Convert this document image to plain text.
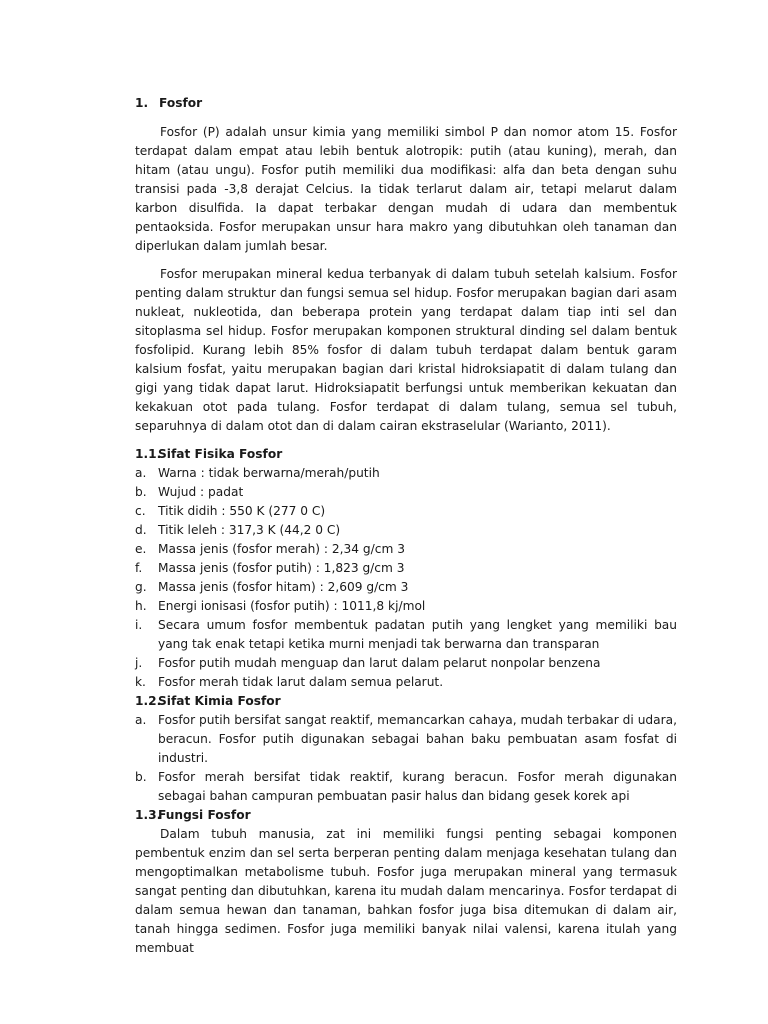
1. Fosfor

Fosfor (P) adalah unsur kimia yang memiliki simbol P dan nomor atom 15. Fosfor terdapat dalam empat atau lebih bentuk alotropik: putih (atau kuning), merah, dan hitam (atau ungu). Fosfor putih memiliki dua modifikasi: alfa dan beta dengan suhu transisi pada -3,8 derajat Celcius. Ia tidak terlarut dalam air, tetapi melarut dalam karbon disulfida. Ia dapat terbakar dengan mudah di udara dan membentuk pentaoksida. Fosfor merupakan unsur hara makro yang dibutuhkan oleh tanaman dan diperlukan dalam jumlah besar.

Fosfor merupakan mineral kedua terbanyak di dalam tubuh setelah kalsium. Fosfor penting dalam struktur dan fungsi semua sel hidup. Fosfor merupakan bagian dari asam nukleat, nukleotida, dan beberapa protein yang terdapat dalam tiap inti sel dan sitoplasma sel hidup. Fosfor merupakan komponen struktural dinding sel dalam bentuk fosfolipid. Kurang lebih 85% fosfor di dalam tubuh terdapat dalam bentuk garam kalsium fosfat, yaitu merupakan bagian dari kristal hidroksiapatit di dalam tulang dan gigi yang tidak dapat larut. Hidroksiapatit berfungsi untuk memberikan kekuatan dan kekakuan otot pada tulang. Fosfor terdapat di dalam tulang, semua sel tubuh, separuhnya di dalam otot dan di dalam cairan ekstraselular (Warianto, 2011).

1.1.
Sifat Fisika Fosfor
a. Warna : tidak berwarna/merah/putih
b. Wujud : padat
c.	Titik didih : 550 K (277 0 C)
d. Titik leleh : 317,3 K (44,2 0 C)
e. Massa jenis (fosfor merah) : 2,34 g/cm 3
f.	Massa jenis (fosfor putih) : 1,823 g/cm 3
g. Massa jenis (fosfor hitam) : 2,609 g/cm 3
h. Energi ionisasi (fosfor putih) : 1011,8 kj/mol
i.	Secara umum fosfor membentuk padatan putih yang lengket yang memiliki bau yang tak enak tetapi ketika murni menjadi tak berwarna dan transparan
j.	Fosfor putih mudah menguap dan larut dalam pelarut nonpolar benzena
k. Fosfor merah tidak larut dalam semua pelarut.
1.2.
Sifat Kimia Fosfor
a. Fosfor putih bersifat sangat reaktif, memancarkan cahaya, mudah terbakar di udara, beracun. Fosfor putih digunakan sebagai bahan baku pembuatan asam fosfat di industri.
b. Fosfor merah bersifat tidak reaktif, kurang beracun. Fosfor merah digunakan sebagai bahan campuran pembuatan pasir halus dan bidang gesek korek api
1.3.
Fungsi Fosfor

Dalam tubuh manusia, zat ini memiliki fungsi penting sebagai komponen pembentuk enzim dan sel serta berperan penting dalam menjaga kesehatan tulang dan mengoptimalkan metabolisme tubuh. Fosfor juga merupakan mineral yang termasuk sangat penting dan dibutuhkan, karena itu mudah dalam mencarinya. Fosfor terdapat di dalam semua hewan dan tanaman, bahkan fosfor juga bisa ditemukan di dalam air, tanah hingga sedimen. Fosfor juga memiliki banyak nilai valensi, karena itulah yang membuat
